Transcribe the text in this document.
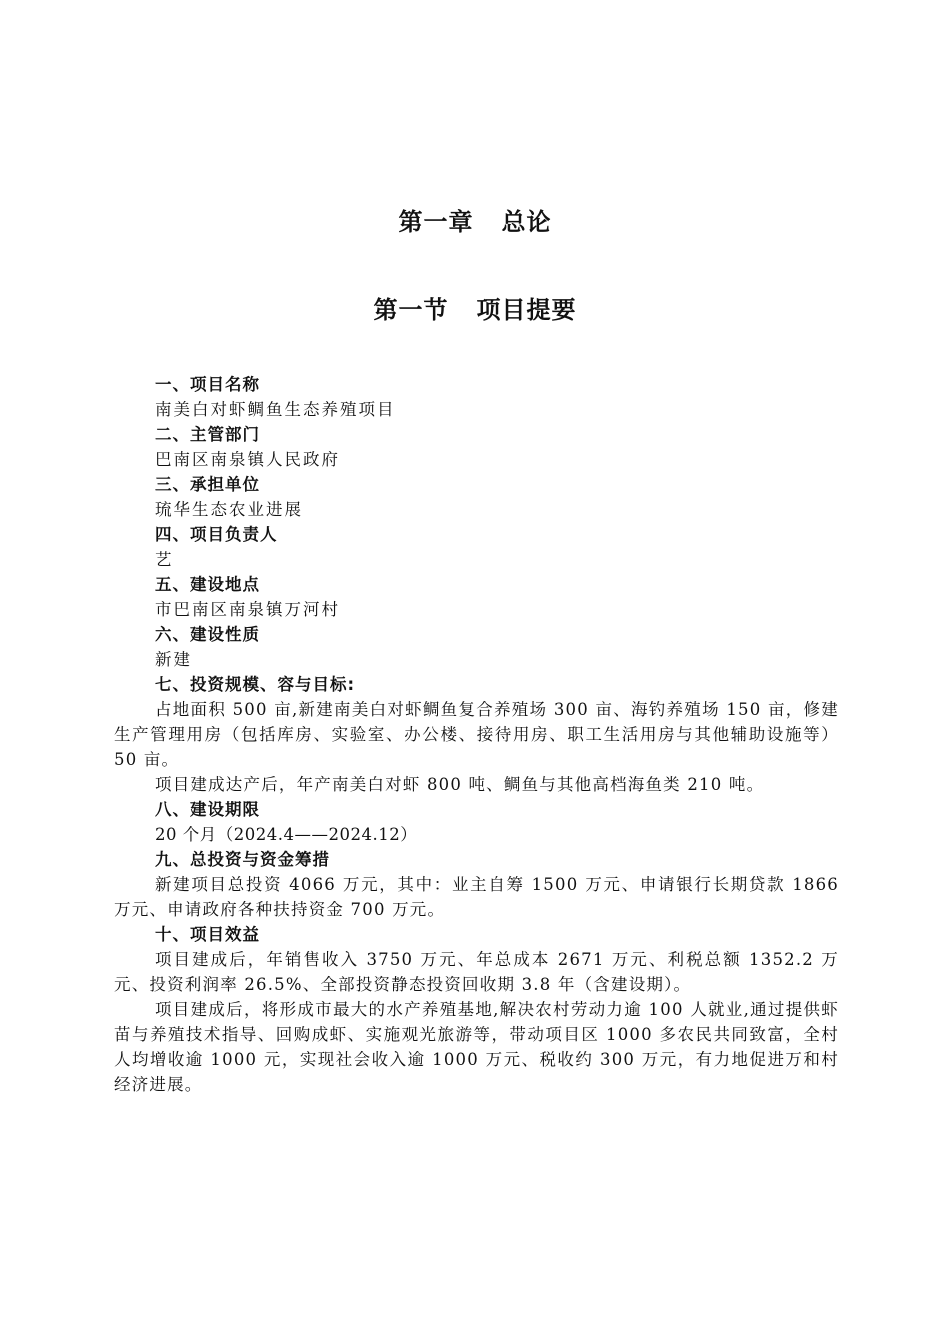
第一章 总论
第一节 项目提要

一、项目名称

南美白对虾鲷鱼生态养殖项目

二、主管部门

巴南区南泉镇人民政府

三、承担单位

琉华生态农业进展

四、项目负责人

艺

五、建设地点

市巴南区南泉镇万河村

六、建设性质

新建

七、投资规模、容与目标:

占地面积 500 亩,新建南美白对虾鲷鱼复合养殖场 300 亩、海钓养殖场 150 亩，修建生产管理用房（包括库房、实验室、办公楼、接待用房、职工生活用房与其他辅助设施等）50 亩。

项目建成达产后，年产南美白对虾 800 吨、鲷鱼与其他高档海鱼类 210 吨。

八、建设期限

20 个月（2024.4——2024.12）

九、总投资与资金筹措

新建项目总投资 4066 万元，其中：业主自筹 1500 万元、申请银行长期贷款 1866 万元、申请政府各种扶持资金 700 万元。

十、项目效益

项目建成后，年销售收入 3750 万元、年总成本 2671 万元、利税总额 1352.2 万元、投资利润率 26.5%、全部投资静态投资回收期 3.8 年（含建设期）。

项目建成后，将形成市最大的水产养殖基地,解决农村劳动力逾 100 人就业,通过提供虾苗与养殖技术指导、回购成虾、实施观光旅游等，带动项目区 1000 多农民共同致富，全村人均增收逾 1000 元，实现社会收入逾 1000 万元、税收约 300 万元，有力地促进万和村经济进展。
